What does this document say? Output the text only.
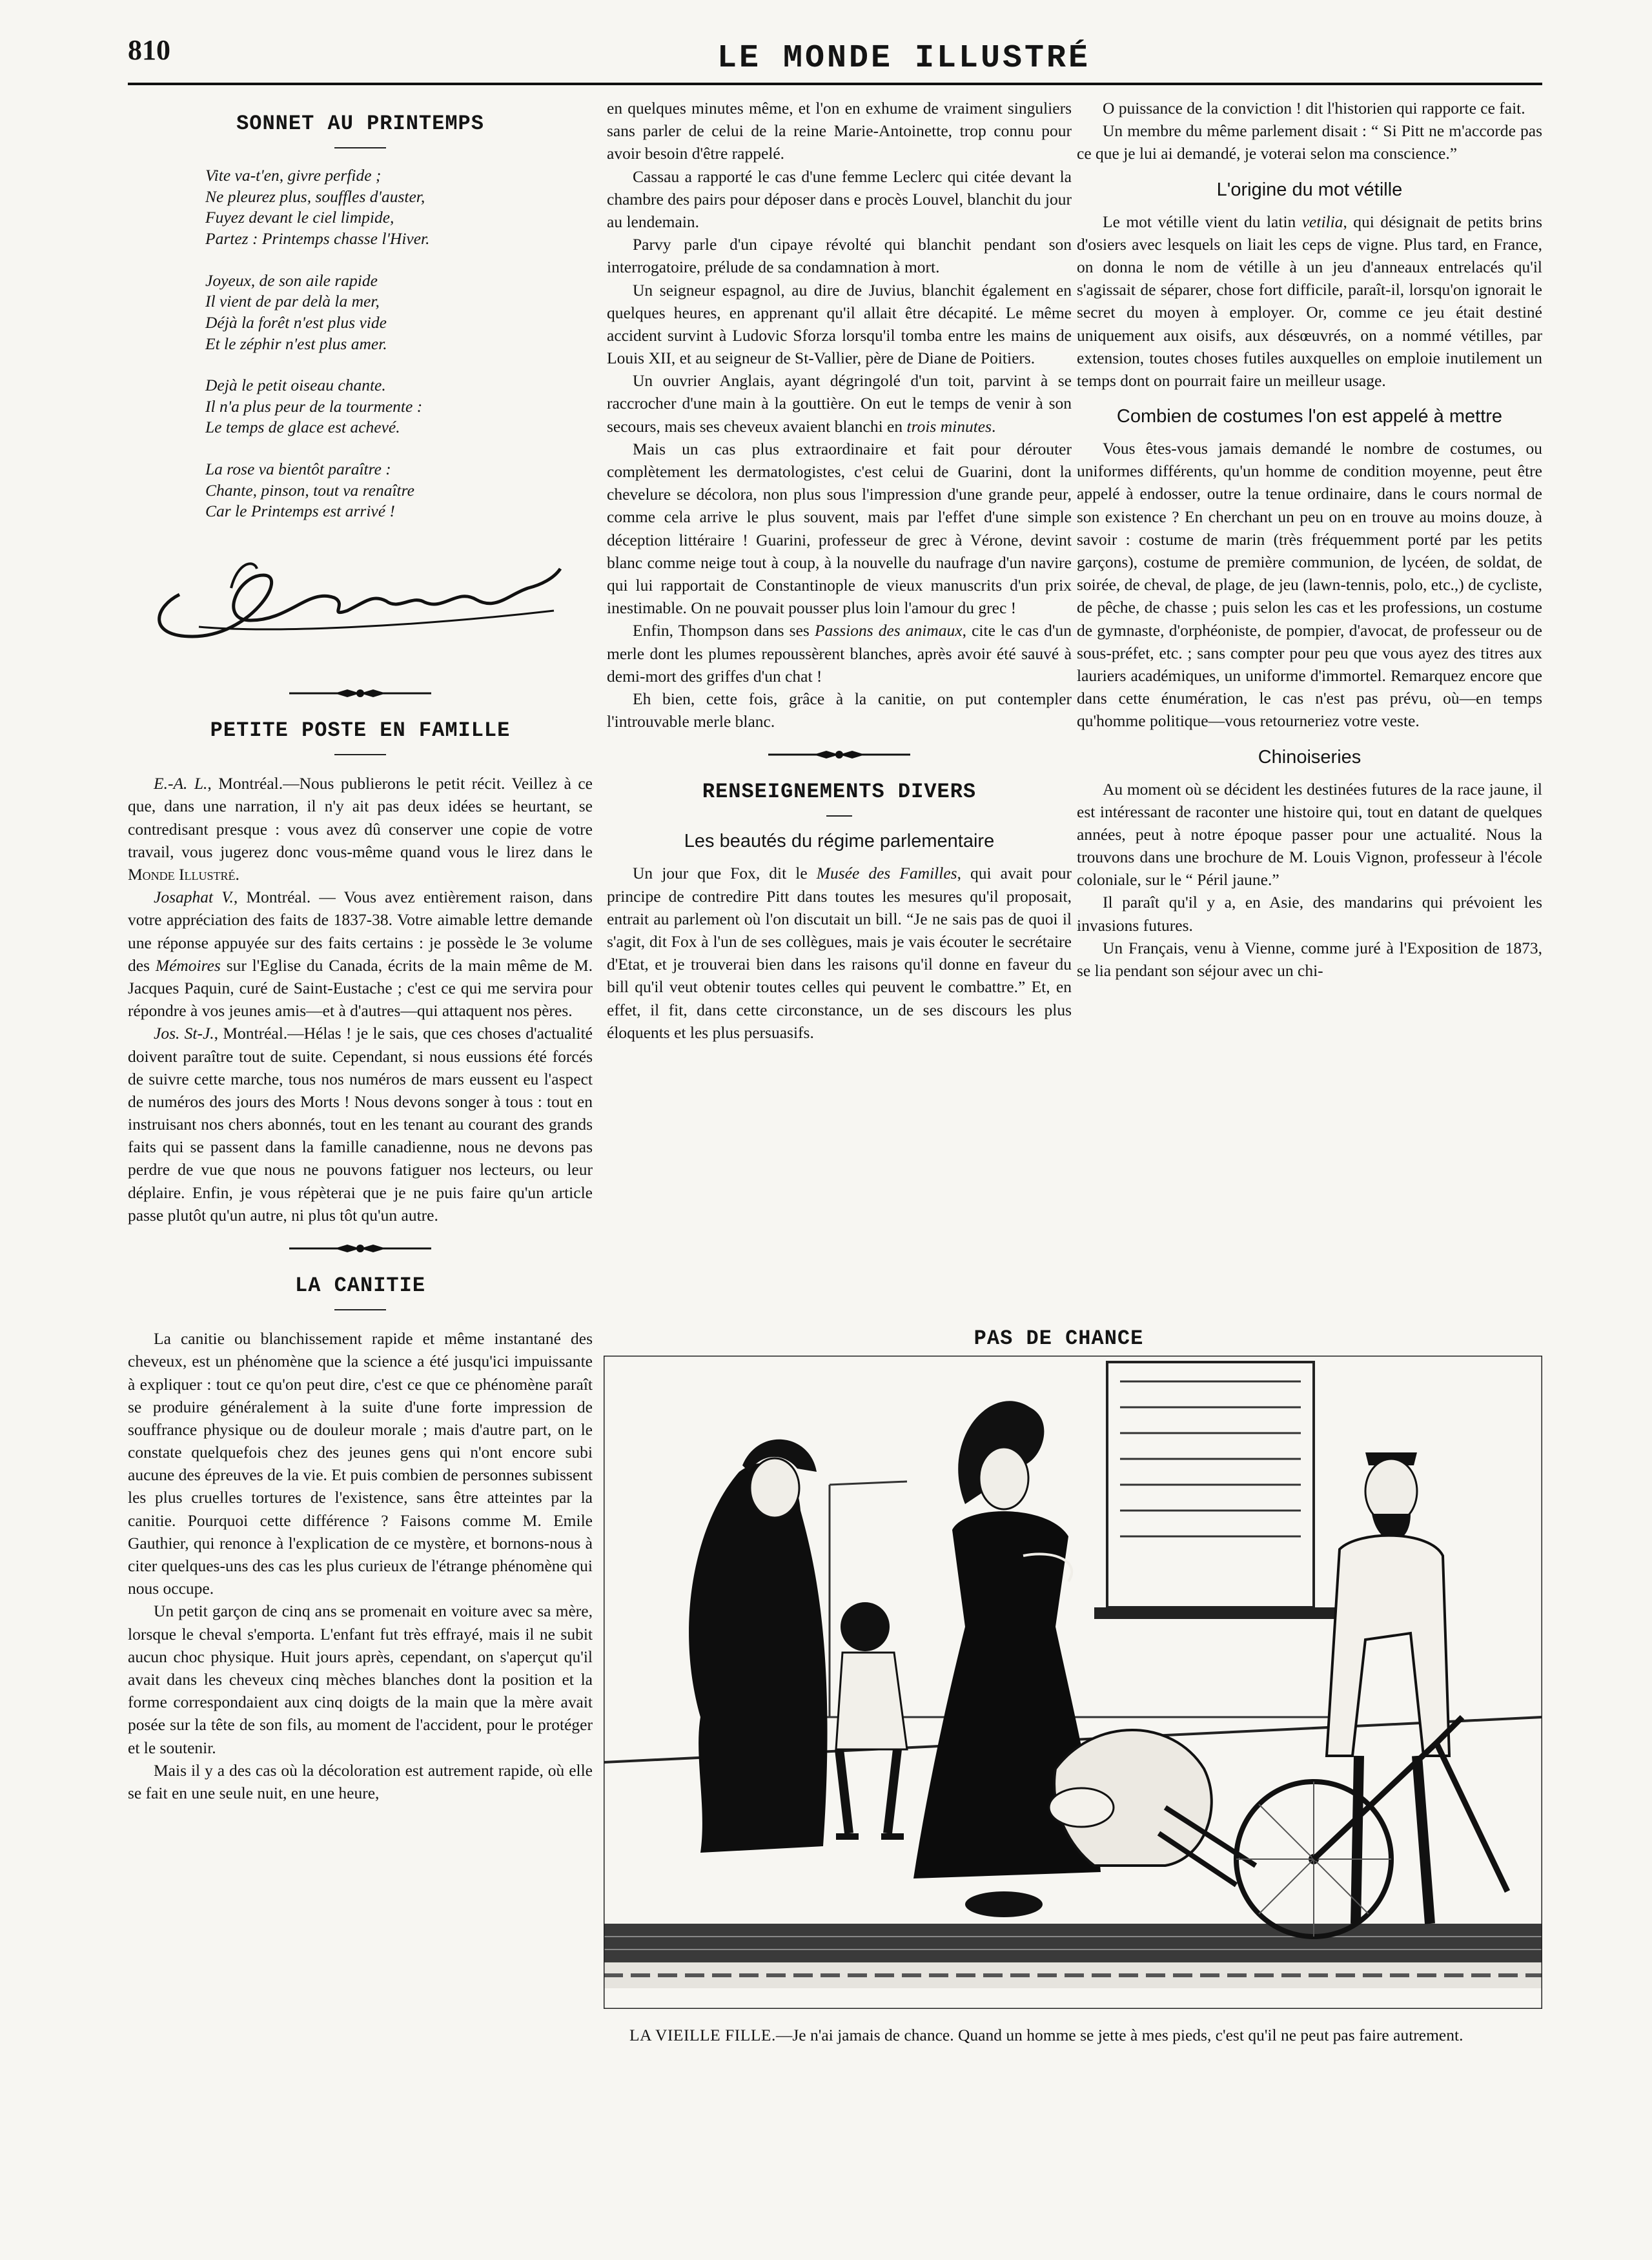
810	LE MONDE ILLUSTRÉ
SONNET AU PRINTEMPS
Vite va-t'en, givre perfide ;
Ne pleurez plus, souffles d'auster,
Fuyez devant le ciel limpide,
Partez : Printemps chasse l'Hiver.
Joyeux, de son aile rapide
Il vient de par delà la mer,
Déjà la forêt n'est plus vide
Et le zéphir n'est plus amer.
Dejà le petit oiseau chante.
Il n'a plus peur de la tourmente :
Le temps de glace est achevé.
La rose va bientôt paraître :
Chante, pinson, tout va renaître
Car le Printemps est arrivé !
PETITE POSTE EN FAMILLE

E.-A. L., Montréal.—Nous publierons le petit récit. Veillez à ce que, dans une narration, il n'y ait pas deux idées se heurtant, se contredisant presque : vous avez dû conserver une copie de votre travail, vous jugerez donc vous-même quand vous le lirez dans le Monde Illustré.

Josaphat V., Montréal. — Vous avez entièrement raison, dans votre appréciation des faits de 1837-38. Votre aimable lettre demande une réponse appuyée sur des faits certains : je possède le 3e volume des Mémoires sur l'Eglise du Canada, écrits de la main même de M. Jacques Paquin, curé de Saint-Eustache ; c'est ce qui me servira pour répondre à vos jeunes amis—et à d'autres—qui attaquent nos pères.

Jos. St-J., Montréal.—Hélas ! je le sais, que ces choses d'actualité doivent paraître tout de suite. Cependant, si nous eussions été forcés de suivre cette marche, tous nos numéros de mars eussent eu l'aspect de numéros des jours des Morts ! Nous devons songer à tous : tout en instruisant nos chers abonnés, tout en les tenant au courant des grands faits qui se passent dans la famille canadienne, nous ne devons pas perdre de vue que nous ne pouvons fatiguer nos lecteurs, ou leur déplaire. Enfin, je vous répèterai que je ne puis faire qu'un article passe plutôt qu'un autre, ni plus tôt qu'un autre.

LA CANITIE

La canitie ou blanchissement rapide et même instantané des cheveux, est un phénomène que la science a été jusqu'ici impuissante à expliquer : tout ce qu'on peut dire, c'est ce que ce phénomène paraît se produire généralement à la suite d'une forte impression de souffrance physique ou de douleur morale ; mais d'autre part, on le constate quelquefois chez des jeunes gens qui n'ont encore subi aucune des épreuves de la vie. Et puis combien de personnes subissent les plus cruelles tortures de l'existence, sans être atteintes par la canitie. Pourquoi cette différence ? Faisons comme M. Emile Gauthier, qui renonce à l'explication de ce mystère, et bornons-nous à citer quelques-uns des cas les plus curieux de l'étrange phénomène qui nous occupe.

Un petit garçon de cinq ans se promenait en voiture avec sa mère, lorsque le cheval s'emporta. L'enfant fut très effrayé, mais il ne subit aucun choc physique. Huit jours après, cependant, on s'aperçut qu'il avait dans les cheveux cinq mèches blanches dont la position et la forme correspondaient aux cinq doigts de la main que la mère avait posée sur la tête de son fils, au moment de l'accident, pour le protéger et le soutenir.

Mais il y a des cas où la décoloration est autrement rapide, où elle se fait en une seule nuit, en une heure,

en quelques minutes même, et l'on en exhume de vraiment singuliers sans parler de celui de la reine Marie-Antoinette, trop connu pour avoir besoin d'être rappelé.

Cassau a rapporté le cas d'une femme Leclerc qui citée devant la chambre des pairs pour déposer dans e procès Louvel, blanchit du jour au lendemain.

Parvy parle d'un cipaye révolté qui blanchit pendant son interrogatoire, prélude de sa condamnation à mort.

Un seigneur espagnol, au dire de Juvius, blanchit également en quelques heures, en apprenant qu'il allait être décapité. Le même accident survint à Ludovic Sforza lorsqu'il tomba entre les mains de Louis XII, et au seigneur de St-Vallier, père de Diane de Poitiers.

Un ouvrier Anglais, ayant dégringolé d'un toit, parvint à se raccrocher d'une main à la gouttière. On eut le temps de venir à son secours, mais ses cheveux avaient blanchi en trois minutes.

Mais un cas plus extraordinaire et fait pour dérouter complètement les dermatologistes, c'est celui de Guarini, dont la chevelure se décolora, non plus sous l'impression d'une grande peur, comme cela arrive le plus souvent, mais par l'effet d'une simple déception littéraire ! Guarini, professeur de grec à Vérone, devint blanc comme neige tout à coup, à la nouvelle du naufrage d'un navire qui lui rapportait de Constantinople de vieux manuscrits d'un prix inestimable. On ne pouvait pousser plus loin l'amour du grec !

Enfin, Thompson dans ses Passions des animaux, cite le cas d'un merle dont les plumes repoussèrent blanches, après avoir été sauvé à demi-mort des griffes d'un chat !

Eh bien, cette fois, grâce à la canitie, on put contempler l'introuvable merle blanc.

RENSEIGNEMENTS DIVERS
Les beautés du régime parlementaire

Un jour que Fox, dit le Musée des Familles, qui avait pour principe de contredire Pitt dans toutes les mesures qu'il proposait, entrait au parlement où l'on discutait un bill. “Je ne sais pas de quoi il s'agit, dit Fox à l'un de ses collègues, mais je vais écouter le secrétaire d'Etat, et je trouverai bien dans les raisons qu'il donne en faveur du bill qu'il veut obtenir toutes celles qui peuvent le combattre.” Et, en effet, il fit, dans cette circonstance, un de ses discours les plus éloquents et les plus persuasifs.

O puissance de la conviction ! dit l'historien qui rapporte ce fait.

Un membre du même parlement disait : “ Si Pitt ne m'accorde pas ce que je lui ai demandé, je voterai selon ma conscience.”

L'origine du mot vétille

Le mot vétille vient du latin vetilia, qui désignait de petits brins d'osiers avec lesquels on liait les ceps de vigne. Plus tard, en France, on donna le nom de vétille à un jeu d'anneaux entrelacés qu'il s'agissait de séparer, chose fort difficile, paraît-il, lorsqu'on ignorait le secret du moyen à employer. Or, comme ce jeu était destiné uniquement aux oisifs, aux désœuvrés, on a nommé vétilles, par extension, toutes choses futiles auxquelles on emploie inutilement un temps dont on pourrait faire un meilleur usage.

Combien de costumes l'on est appelé à mettre

Vous êtes-vous jamais demandé le nombre de costumes, ou uniformes différents, qu'un homme de condition moyenne, peut être appelé à endosser, outre la tenue ordinaire, dans le cours normal de son existence ? En cherchant un peu on en trouve au moins douze, à savoir : costume de marin (très fréquemment porté par les petits garçons), costume de première communion, de lycéen, de soldat, de soirée, de cheval, de plage, de jeu (lawn-tennis, polo, etc.,) de cycliste, de pêche, de chasse ; puis selon les cas et les professions, un costume de gymnaste, d'orphéoniste, de pompier, d'avocat, de professeur ou de sous-préfet, etc. ; sans compter pour peu que vous ayez des titres aux lauriers académiques, un uniforme d'immortel. Remarquez encore que dans cette énumération, le cas n'est pas prévu, où—en temps qu'homme politique—vous retourneriez votre veste.

Chinoiseries

Au moment où se décident les destinées futures de la race jaune, il est intéressant de raconter une histoire qui, tout en datant de quelques années, peut à notre époque passer pour une actualité. Nous la trouvons dans une brochure de M. Louis Vignon, professeur à l'école coloniale, sur le “ Péril jaune.”

Il paraît qu'il y a, en Asie, des mandarins qui prévoient les invasions futures.

Un Français, venu à Vienne, comme juré à l'Exposition de 1873, se lia pendant son séjour avec un chi-

PAS DE CHANCE
LA VIEILLE FILLE.—Je n'ai jamais de chance. Quand un homme se jette à mes pieds, c'est qu'il ne peut pas faire autrement.
